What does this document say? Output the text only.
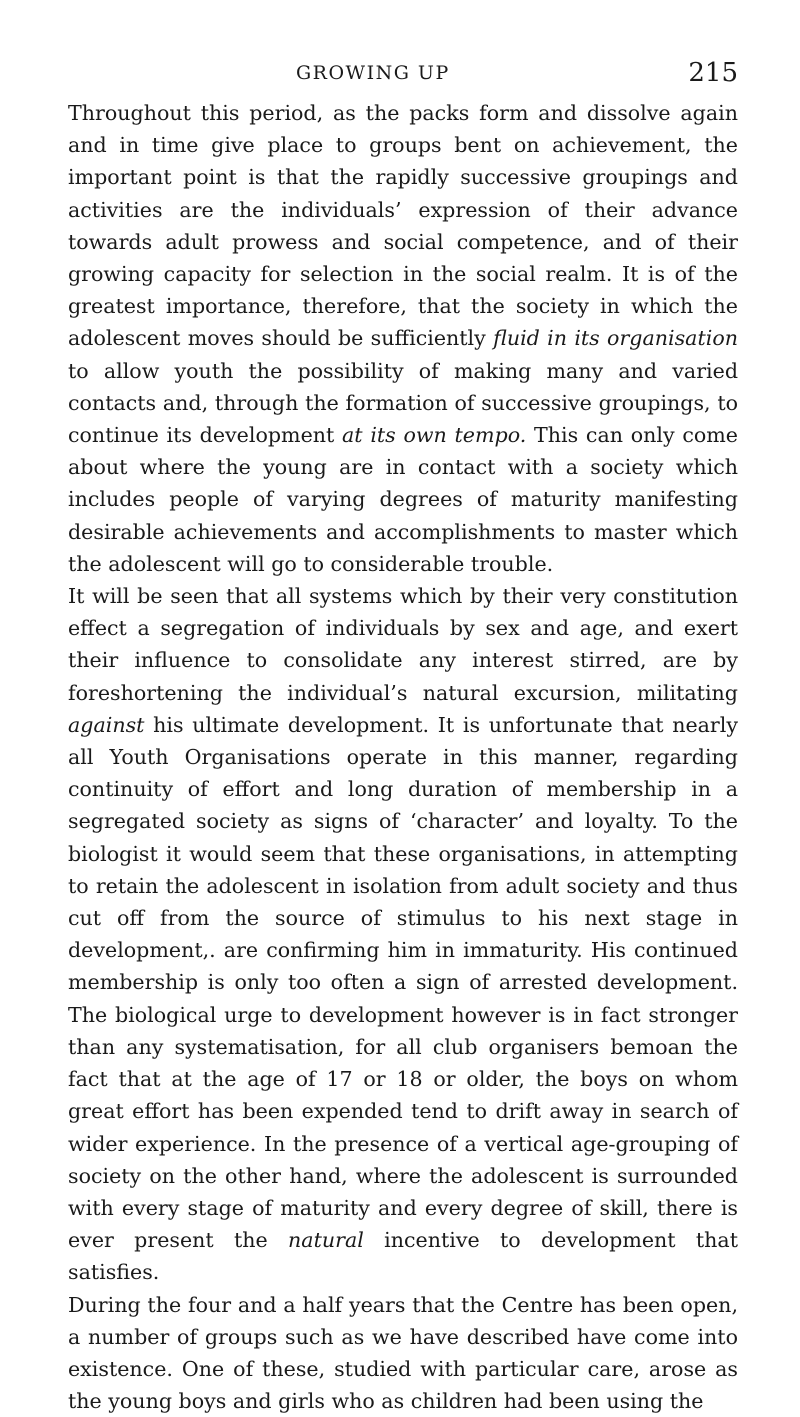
GROWING UP	215

Throughout this period, as the packs form and dissolve again and in time give place to groups bent on achievement, the important point is that the rapidly successive groupings and activities are the individuals’ expression of their advance towards adult prowess and social competence, and of their growing capacity for selection in the social realm. It is of the greatest importance, therefore, that the society in which the adolescent moves should be sufficiently fluid in its organisation to allow youth the possibility of making many and varied contacts and, through the formation of successive groupings, to continue its development at its own tempo. This can only come about where the young are in contact with a society which includes people of varying degrees of maturity manifesting desirable achievements and accomplishments to master which the adolescent will go to considerable trouble.

It will be seen that all systems which by their very constitution effect a segregation of individuals by sex and age, and exert their influence to consolidate any interest stirred, are by foreshortening the individual’s natural excursion, militating against his ultimate development. It is unfortunate that nearly all Youth Organisations operate in this manner, regarding continuity of effort and long duration of membership in a segregated society as signs of ‘character’ and loyalty. To the biologist it would seem that these organisations, in attempting to retain the adolescent in isolation from adult society and thus cut off from the source of stimulus to his next stage in development,. are confirming him in immaturity. His continued membership is only too often a sign of arrested development. The biological urge to development however is in fact stronger than any systematisation, for all club organisers bemoan the fact that at the age of 17 or 18 or older, the boys on whom great effort has been expended tend to drift away in search of wider experience. In the presence of a vertical age-grouping of society on the other hand, where the adolescent is surrounded with every stage of maturity and every degree of skill, there is ever present the natural incentive to development that satisfies.

During the four and a half years that the Centre has been open, a number of groups such as we have described have come into existence. One of these, studied with particular care, arose as the young boys and girls who as children had been using the
